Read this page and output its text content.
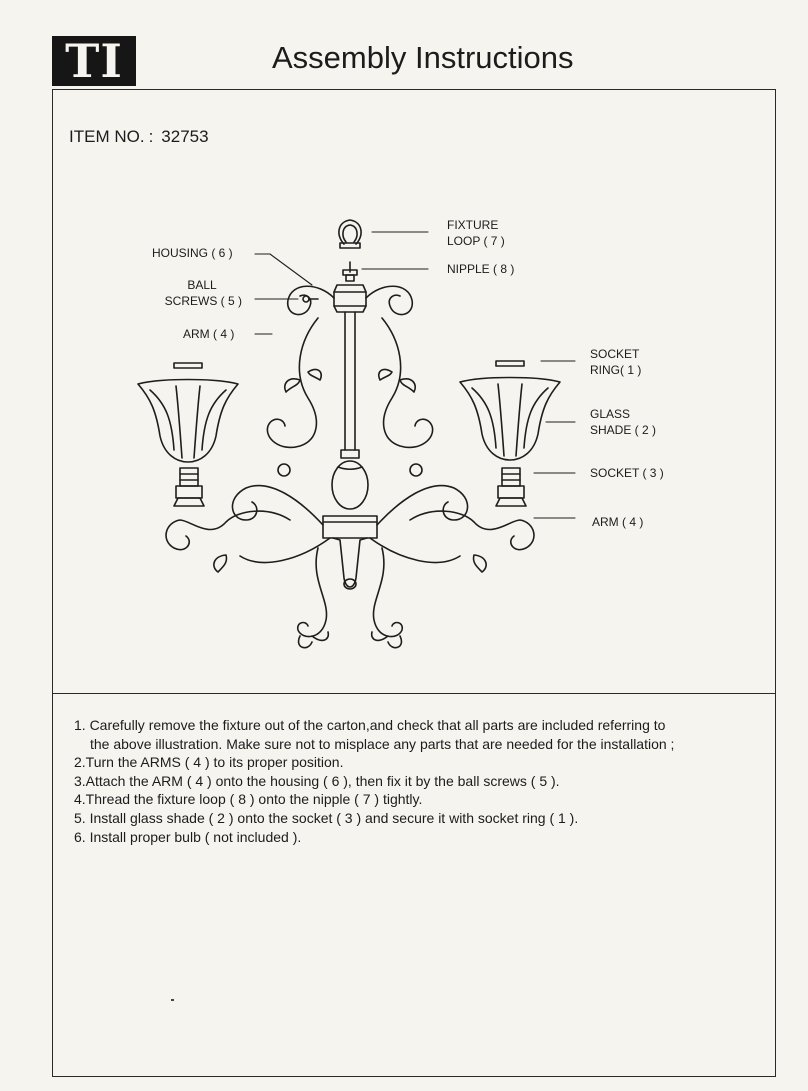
TI	Assembly Instructions
ITEM NO. : 32753
FIXTURE
LOOP ( 7 )
NIPPLE ( 8 )
HOUSING ( 6 )
BALL
SCREWS ( 5 )
ARM ( 4 )
SOCKET
RING( 1 )
GLASS
SHADE ( 2 )
SOCKET ( 3 )
ARM ( 4 )
1. Carefully remove the fixture out of the carton,and check that all parts are included referring to
the above illustration. Make sure not to misplace any parts that are needed for the installation ;
2.Turn the ARMS ( 4 ) to its proper position.
3.Attach the ARM ( 4 ) onto the housing ( 6 ), then fix it by the ball screws ( 5 ).
4.Thread the fixture loop ( 8 ) onto the nipple ( 7 ) tightly.
5. Install glass shade ( 2 ) onto the socket ( 3 ) and secure it with socket ring ( 1 ).
6. Install proper bulb ( not included ).
